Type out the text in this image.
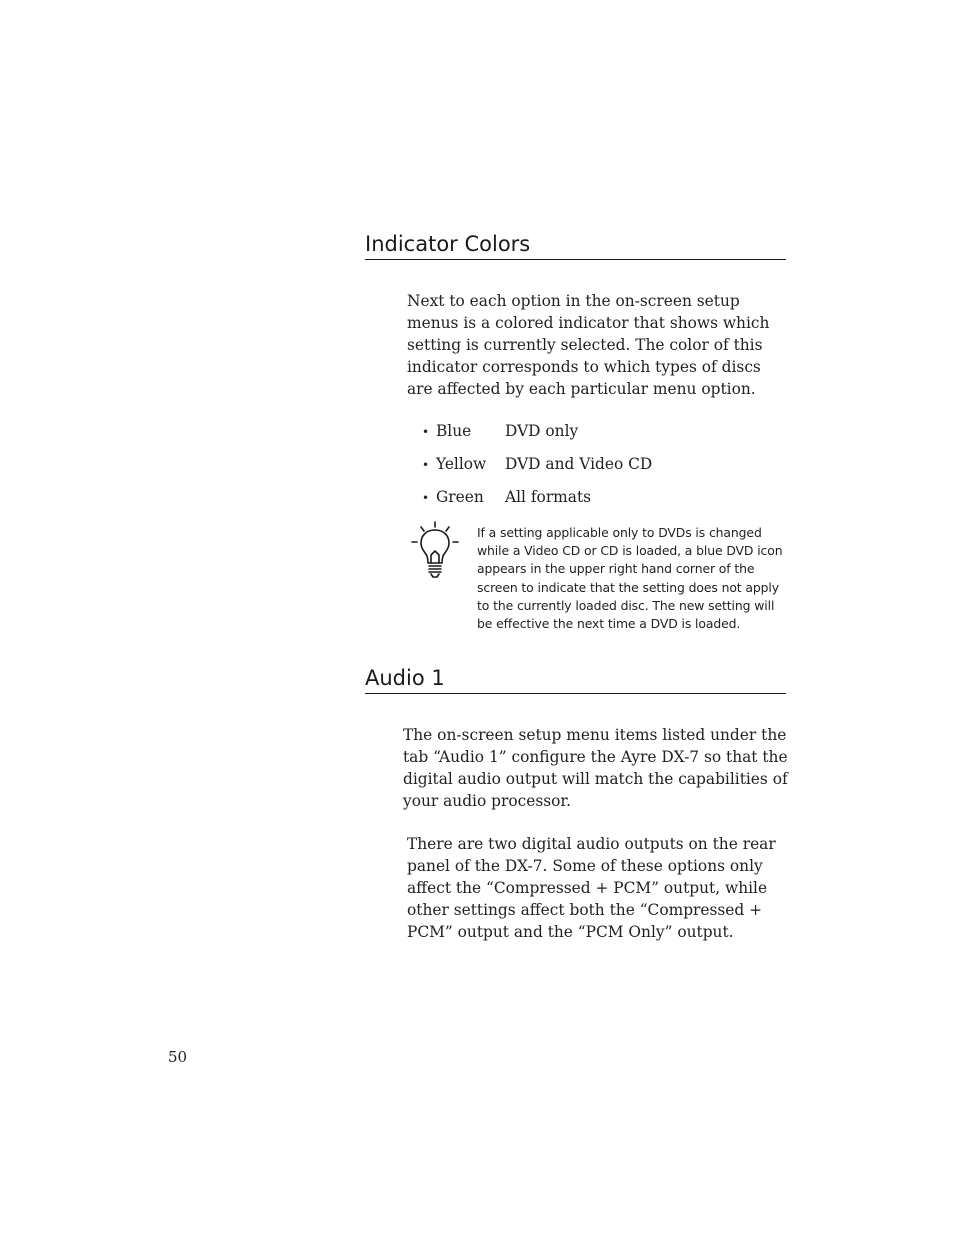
Indicator Colors

Next to each option in the on-screen setup menus is a colored indicator that shows which setting is currently selected. The color of this indicator corresponds to which types of discs are affected by each particular menu option.

• Blue DVD only
• Yellow DVD and Video CD
• Green All formats

If a setting applicable only to DVDs is changed while a Video CD or CD is loaded, a blue DVD icon appears in the upper right hand corner of the screen to indicate that the setting does not apply to the currently loaded disc. The new setting will be effective the next time a DVD is loaded.

Audio 1

The on-screen setup menu items listed under the tab “Audio 1” configure the Ayre DX-7 so that the digital audio output will match the capabilities of your audio processor.

There are two digital audio outputs on the rear panel of the DX-7. Some of these options only affect the “Compressed + PCM” output, while other settings affect both the “Compressed + PCM” output and the “PCM Only” output.

50
